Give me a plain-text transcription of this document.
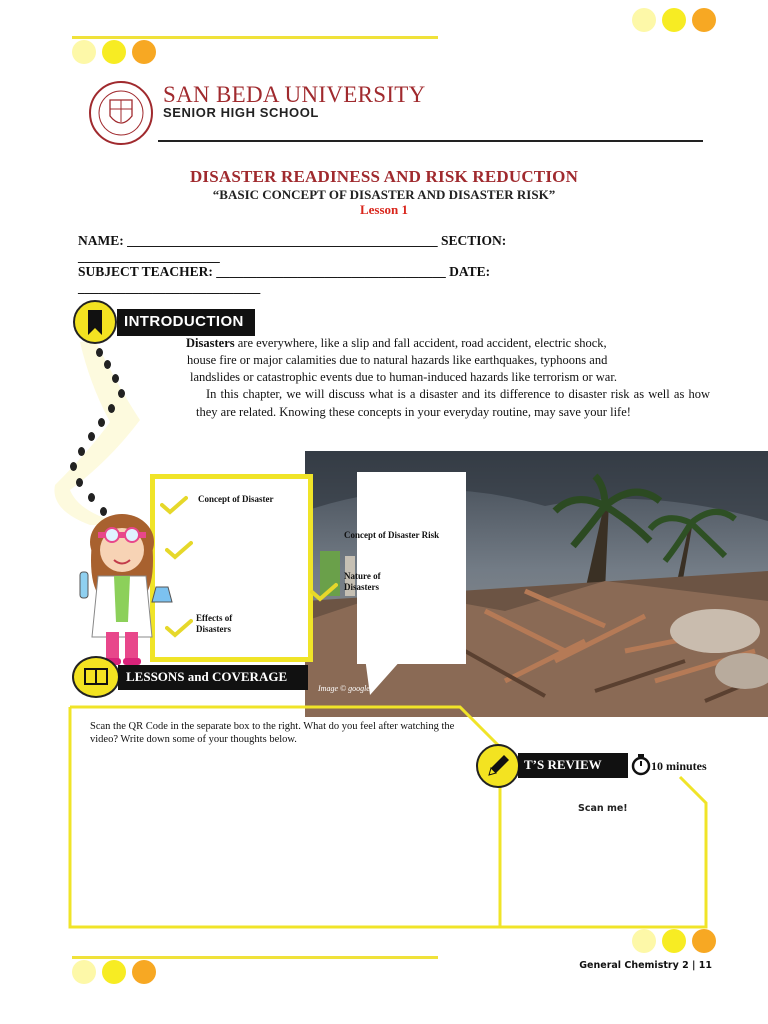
SAN BEDA UNIVERSITY
SENIOR HIGH SCHOOL
DISASTER READINESS AND RISK REDUCTION
“BASIC CONCEPT OF DISASTER AND DISASTER RISK”
Lesson 1
NAME: ______________________________________________ SECTION:
_____________________
SUBJECT TEACHER: __________________________________ DATE:
___________________________
INTRODUCTION
Disasters are everywhere, like a slip and fall accident, road accident, electric shock,
house fire or major calamities due to natural hazards like earthquakes, typhoons and
landslides or catastrophic events due to human-induced hazards like terrorism or war.
In this chapter, we will discuss what is a disaster and its difference to disaster risk as well as how they are related. Knowing these concepts in your everyday routine, may save your life!
Image © google
Concept of Disaster
Concept of Disaster Risk
Nature of Disasters
Effects of Disasters
LESSONS and COVERAGE
Scan the QR Code in the separate box to the right. What do you feel after watching the video? Write down some of your thoughts below.
T’S REVIEW	10 minutes
Scan me!
General Chemistry 2 | 11
